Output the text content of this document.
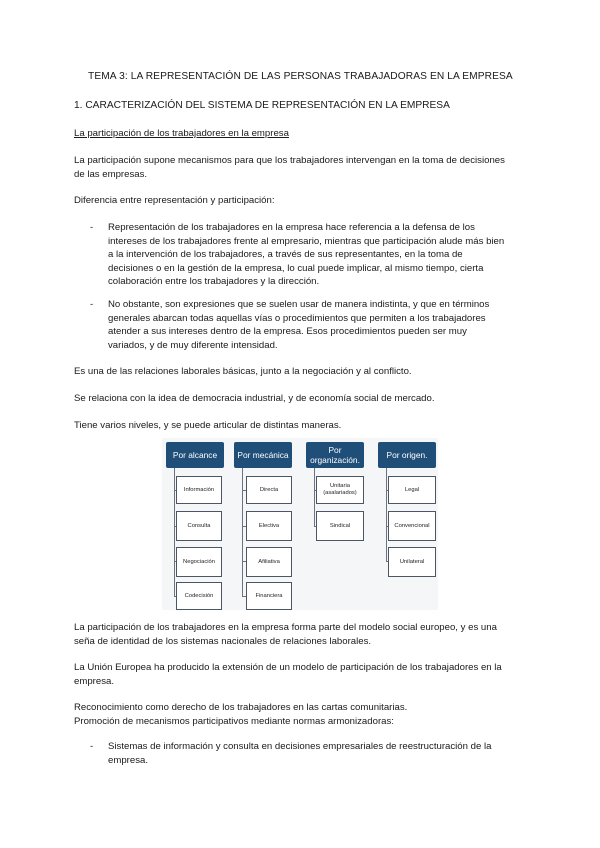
TEMA 3: LA REPRESENTACIÓN DE LAS PERSONAS TRABAJADORAS EN LA EMPRESA
1. CARACTERIZACIÓN DEL SISTEMA DE REPRESENTACIÓN EN LA EMPRESA
La participación de los trabajadores en la empresa
La participación supone mecanismos para que los trabajadores intervengan en la toma de decisiones
de las empresas.
Diferencia entre representación y participación:
- Representación de los trabajadores en la empresa hace referencia a la defensa de los
intereses de los trabajadores frente al empresario, mientras que participación alude más bien
a la intervención de los trabajadores, a través de sus representantes, en la toma de
decisiones o en la gestión de la empresa, lo cual puede implicar, al mismo tiempo, cierta
colaboración entre los trabajadores y la dirección.
- No obstante, son expresiones que se suelen usar de manera indistinta, y que en términos
generales abarcan todas aquellas vías o procedimientos que permiten a los trabajadores
atender a sus intereses dentro de la empresa. Esos procedimientos pueden ser muy
variados, y de muy diferente intensidad.
Es una de las relaciones laborales básicas, junto a la negociación y al conflicto.
Se relaciona con la idea de democracia industrial, y de economía social de mercado.
Tiene varios niveles, y se puede articular de distintas maneras.
Por alcance
Información
Consulta
Negociación
Codecisión
Por mecánica
Directa
Electiva
Afiliativa
Financiera
Por organización.
Unitaria (asalariados)
Sindical
Por origen.
Legal
Convencional
Unilateral
La participación de los trabajadores en la empresa forma parte del modelo social europeo, y es una
seña de identidad de los sistemas nacionales de relaciones laborales.
La Unión Europea ha producido la extensión de un modelo de participación de los trabajadores en la
empresa.
Reconocimiento como derecho de los trabajadores en las cartas comunitarias.
Promoción de mecanismos participativos mediante normas armonizadoras:
- Sistemas de información y consulta en decisiones empresariales de reestructuración de la
empresa.
